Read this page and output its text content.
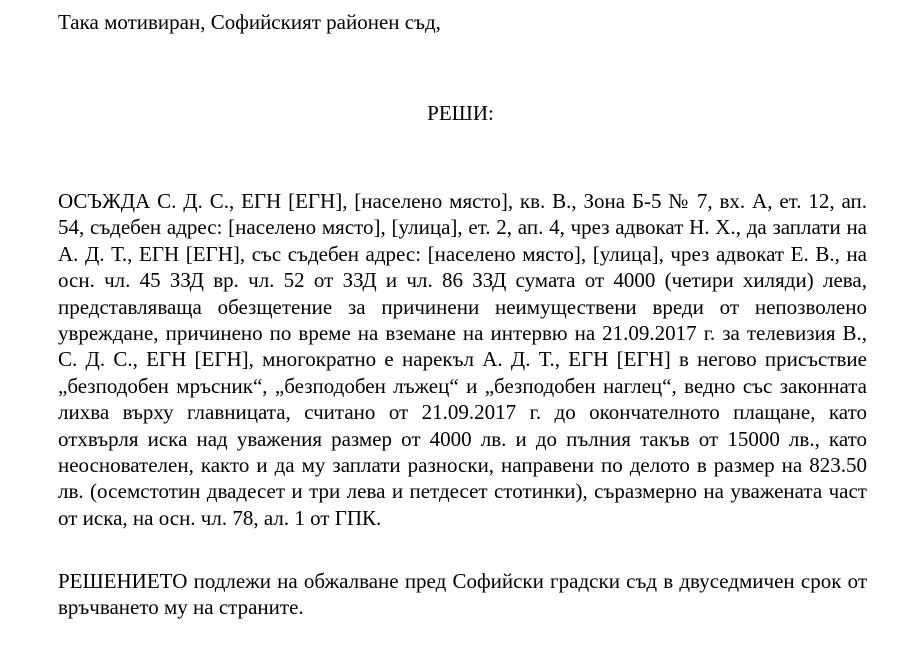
Така мотивиран, Софийският районен съд,
РЕШИ:

ОСЪЖДА С. Д. С., ЕГН [ЕГН], [населено място], кв. В., Зона Б-5 № 7, вх. А, ет. 12, ап. 54, съдебен адрес: [населено място], [улица], ет. 2, ап. 4, чрез адвокат Н. Х., да заплати на А. Д. Т., ЕГН [ЕГН], със съдебен адрес: [населено място], [улица], чрез адвокат Е. В., на осн. чл. 45 ЗЗД вр. чл. 52 от ЗЗД и чл. 86 ЗЗД сумата от 4000 (четири хиляди) лева, представляваща обезщетение за причинени неимуществени вреди от непозволено увреждане, причинено по време на вземане на интервю на 21.09.2017 г. за телевизия В., С. Д. С., ЕГН [ЕГН], многократно е нарекъл А. Д. Т., ЕГН [ЕГН] в негово присъствие „безподобен мръсник“, „безподобен лъжец“ и „безподобен наглец“, ведно със законната лихва върху главницата, считано от 21.09.2017 г. до окончателното плащане, като отхвърля иска над уважения размер от 4000 лв. и до пълния такъв от 15000 лв., като неоснователен, както и да му заплати разноски, направени по делото в размер на 823.50 лв. (осемстотин двадесет и три лева и петдесет стотинки), съразмерно на уважената част от иска, на осн. чл. 78, ал. 1 от ГПК.

РЕШЕНИЕТО подлежи на обжалване пред Софийски градски съд в двуседмичен срок от връчването му на страните.
